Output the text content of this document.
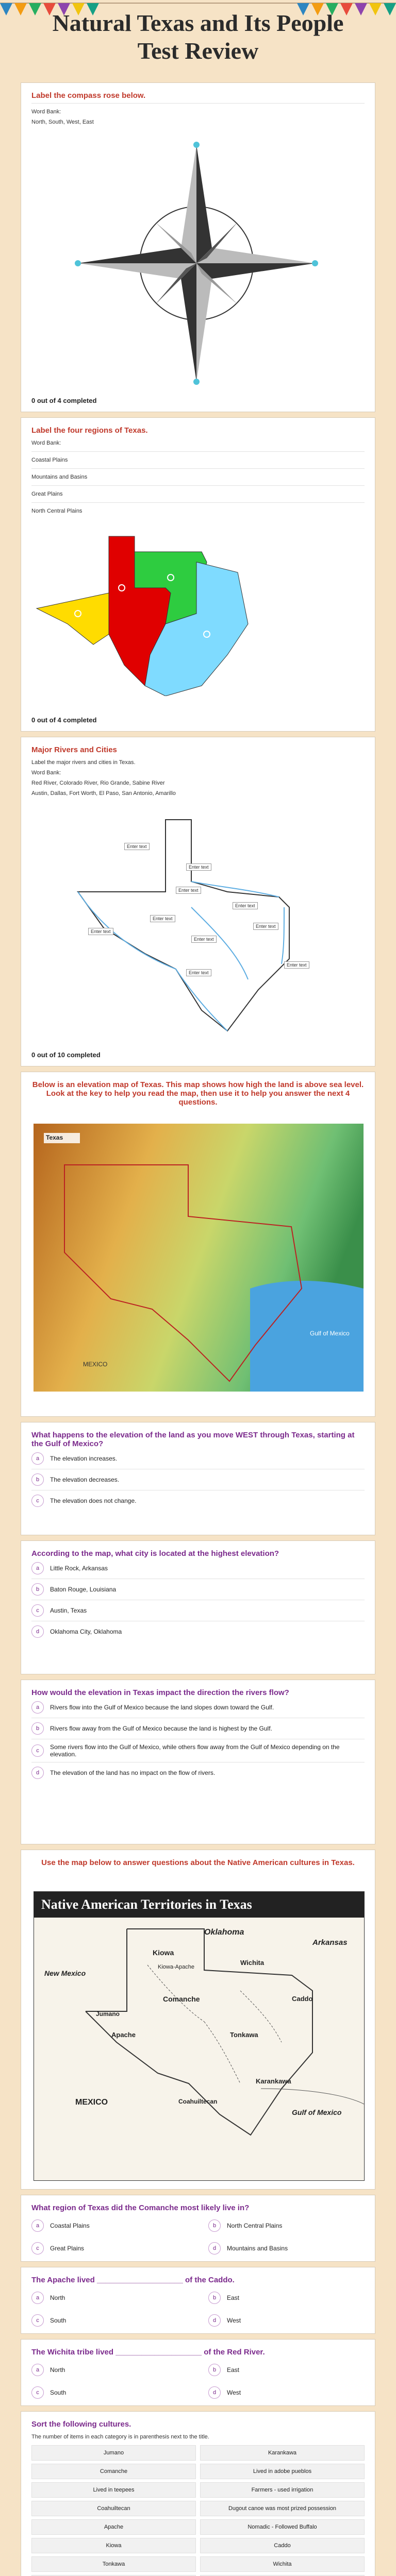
Natural Texas and Its People
Test Review
Label the compass rose below.
Word Bank:
North, South, West, East
0 out of 4 completed
Label the four regions of Texas.
Word Bank:
Coastal Plains
Mountains and Basins
Great Plains
North Central Plains
0 out of 4 completed
Major Rivers and Cities
Label the major rivers and cities in Texas.
Word Bank:
Red River, Colorado River, Rio Grande, Sabine River
Austin, Dallas, Fort Worth, El Paso, San Antonio, Amarillo
Enter text
Enter text
Enter text
Enter text
Enter text
Enter text
Enter text
Enter text
Enter text
Enter text
0 out of 10 completed
Below is an elevation map of Texas. This map shows how high the land is above sea level. Look at the key to help you read the map, then use it to help you answer the next 4 questions.
Texas
Gulf of Mexico
MEXICO
What happens to the elevation of the land as you move WEST through Texas, starting at the Gulf of Mexico?
a	The elevation increases.
b	The elevation decreases.
c	The elevation does not change.
According to the map, what city is located at the highest elevation?
a	Little Rock, Arkansas
b	Baton Rouge, Louisiana
c	Austin, Texas
d	Oklahoma City, Oklahoma
How would the elevation in Texas impact the direction the rivers flow?
a	Rivers flow into the Gulf of Mexico because the land slopes down toward the Gulf.
b	Rivers flow away from the Gulf of Mexico because the land is highest by the Gulf.
c	Some rivers flow into the Gulf of Mexico, while others flow away from the Gulf of Mexico depending on the elevation.
d	The elevation of the land has no impact on the flow of rivers.
Use the map below to answer questions about the Native American cultures in Texas.
Native American Territories in Texas
Oklahoma
Kiowa
Kiowa-Apache
Arkansas
Wichita
Caddo
Comanche
Apache	Tonkawa
Karankawa
MEXICO
New Mexico
Jumano
Coahuiltecan
Gulf of Mexico
What region of Texas did the Comanche most likely live in?
a	Coastal Plains	b	North Central Plains
c	Great Plains	d	Mountains and Basins
The Apache lived ____________________ of the Caddo.
a	North	b	East
c	South	d	West
The Wichita tribe lived ____________________ of the Red River.
a	North	b	East
c	South	d	West
Sort the following cultures.
The number of items in each category is in parenthesis next to the title.
Jumano	Karankawa
Comanche	Lived in adobe pueblos
Lived in teepees	Farmers - used irrigation
Coahuiltecan	Dugout canoe was most prized possession
Apache	Nomadic - Followed Buffalo
Kiowa	Caddo
Tonkawa	Wichita
